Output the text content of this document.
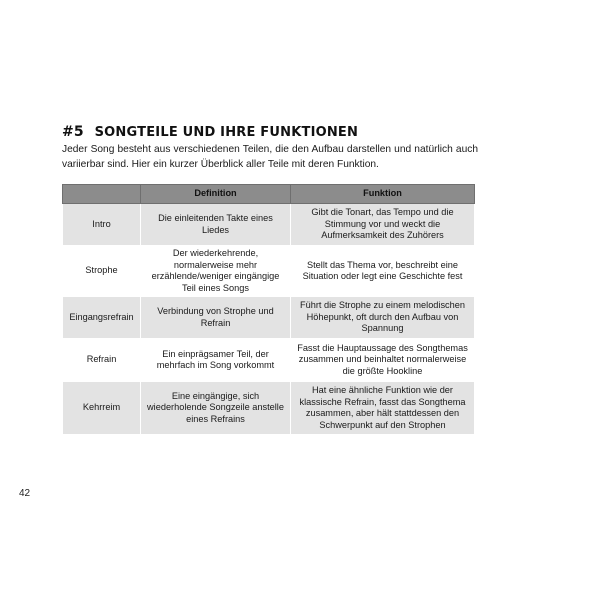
#5 SONGTEILE UND IHRE FUNKTIONEN
Jeder Song besteht aus verschiedenen Teilen, die den Aufbau darstellen und natürlich auch variierbar sind. Hier ein kurzer Überblick aller Teile mit deren Funktion.
	Definition	Funktion
Intro	Die einleitenden Takte eines Liedes	Gibt die Tonart, das Tempo und die Stimmung vor und weckt die Aufmerksamkeit des Zuhörers
Strophe	Der wiederkehrende, normalerweise mehr erzählende/weniger eingängige Teil eines Songs	Stellt das Thema vor, beschreibt eine Situation oder legt eine Geschichte fest
Eingangsrefrain	Verbindung von Strophe und Refrain	Führt die Strophe zu einem melodischen Höhepunkt, oft durch den Aufbau von Spannung
Refrain	Ein einprägsamer Teil, der mehrfach im Song vorkommt	Fasst die Hauptaussage des Songthemas zusammen und beinhaltet normalerweise die größte Hookline
Kehrreim	Eine eingängige, sich wiederholende Songzeile anstelle eines Refrains	Hat eine ähnliche Funktion wie der klassische Refrain, fasst das Songthema zusammen, aber hält stattdessen den Schwerpunkt auf den Strophen
42
